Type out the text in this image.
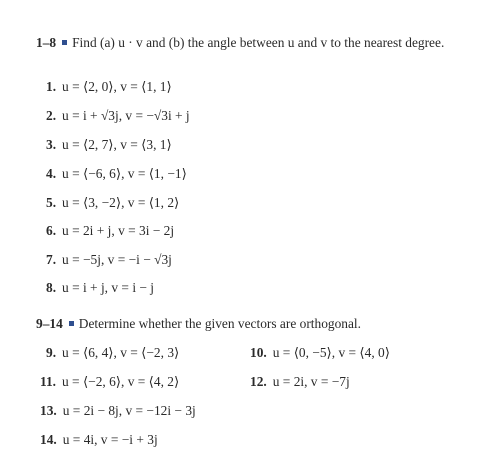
1–8 Find (a) u · v and (b) the angle between u and v to the nearest degree.
1. u = ⟨2, 0⟩, v = ⟨1, 1⟩
2. u = i + √3j, v = −√3i + j
3. u = ⟨2, 7⟩, v = ⟨3, 1⟩
4. u = ⟨−6, 6⟩, v = ⟨1, −1⟩
5. u = ⟨3, −2⟩, v = ⟨1, 2⟩
6. u = 2i + j, v = 3i − 2j
7. u = −5j, v = −i − √3j
8. u = i + j, v = i − j
9–14 Determine whether the given vectors are orthogonal.
9. u = ⟨6, 4⟩, v = ⟨−2, 3⟩	10. u = ⟨0, −5⟩, v = ⟨4, 0⟩
11. u = ⟨−2, 6⟩, v = ⟨4, 2⟩	12. u = 2i, v = −7j
13. u = 2i − 8j, v = −12i − 3j
14. u = 4i, v = −i + 3j
